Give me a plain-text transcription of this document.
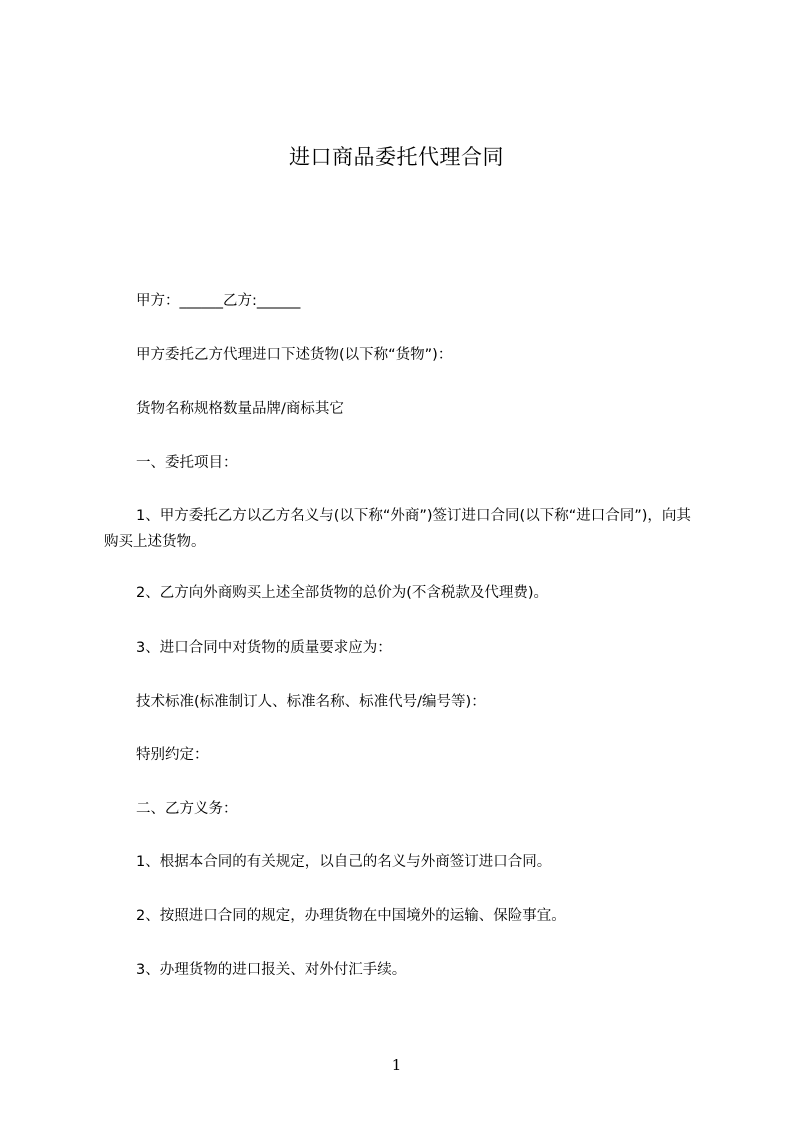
进口商品委托代理合同
甲方：______乙方:______
甲方委托乙方代理进口下述货物(以下称“货物”)：
货物名称规格数量品牌/商标其它
一、委托项目：
1、甲方委托乙方以乙方名义与(以下称“外商”)签订进口合同(以下称“进口合同”)，向其购买上述货物。
2、乙方向外商购买上述全部货物的总价为(不含税款及代理费)。
3、进口合同中对货物的质量要求应为：
技术标准(标准制订人、标准名称、标准代号/编号等)：
特别约定：
二、乙方义务：
1、根据本合同的有关规定，以自己的名义与外商签订进口合同。
2、按照进口合同的规定，办理货物在中国境外的运输、保险事宜。
3、办理货物的进口报关、对外付汇手续。
1
